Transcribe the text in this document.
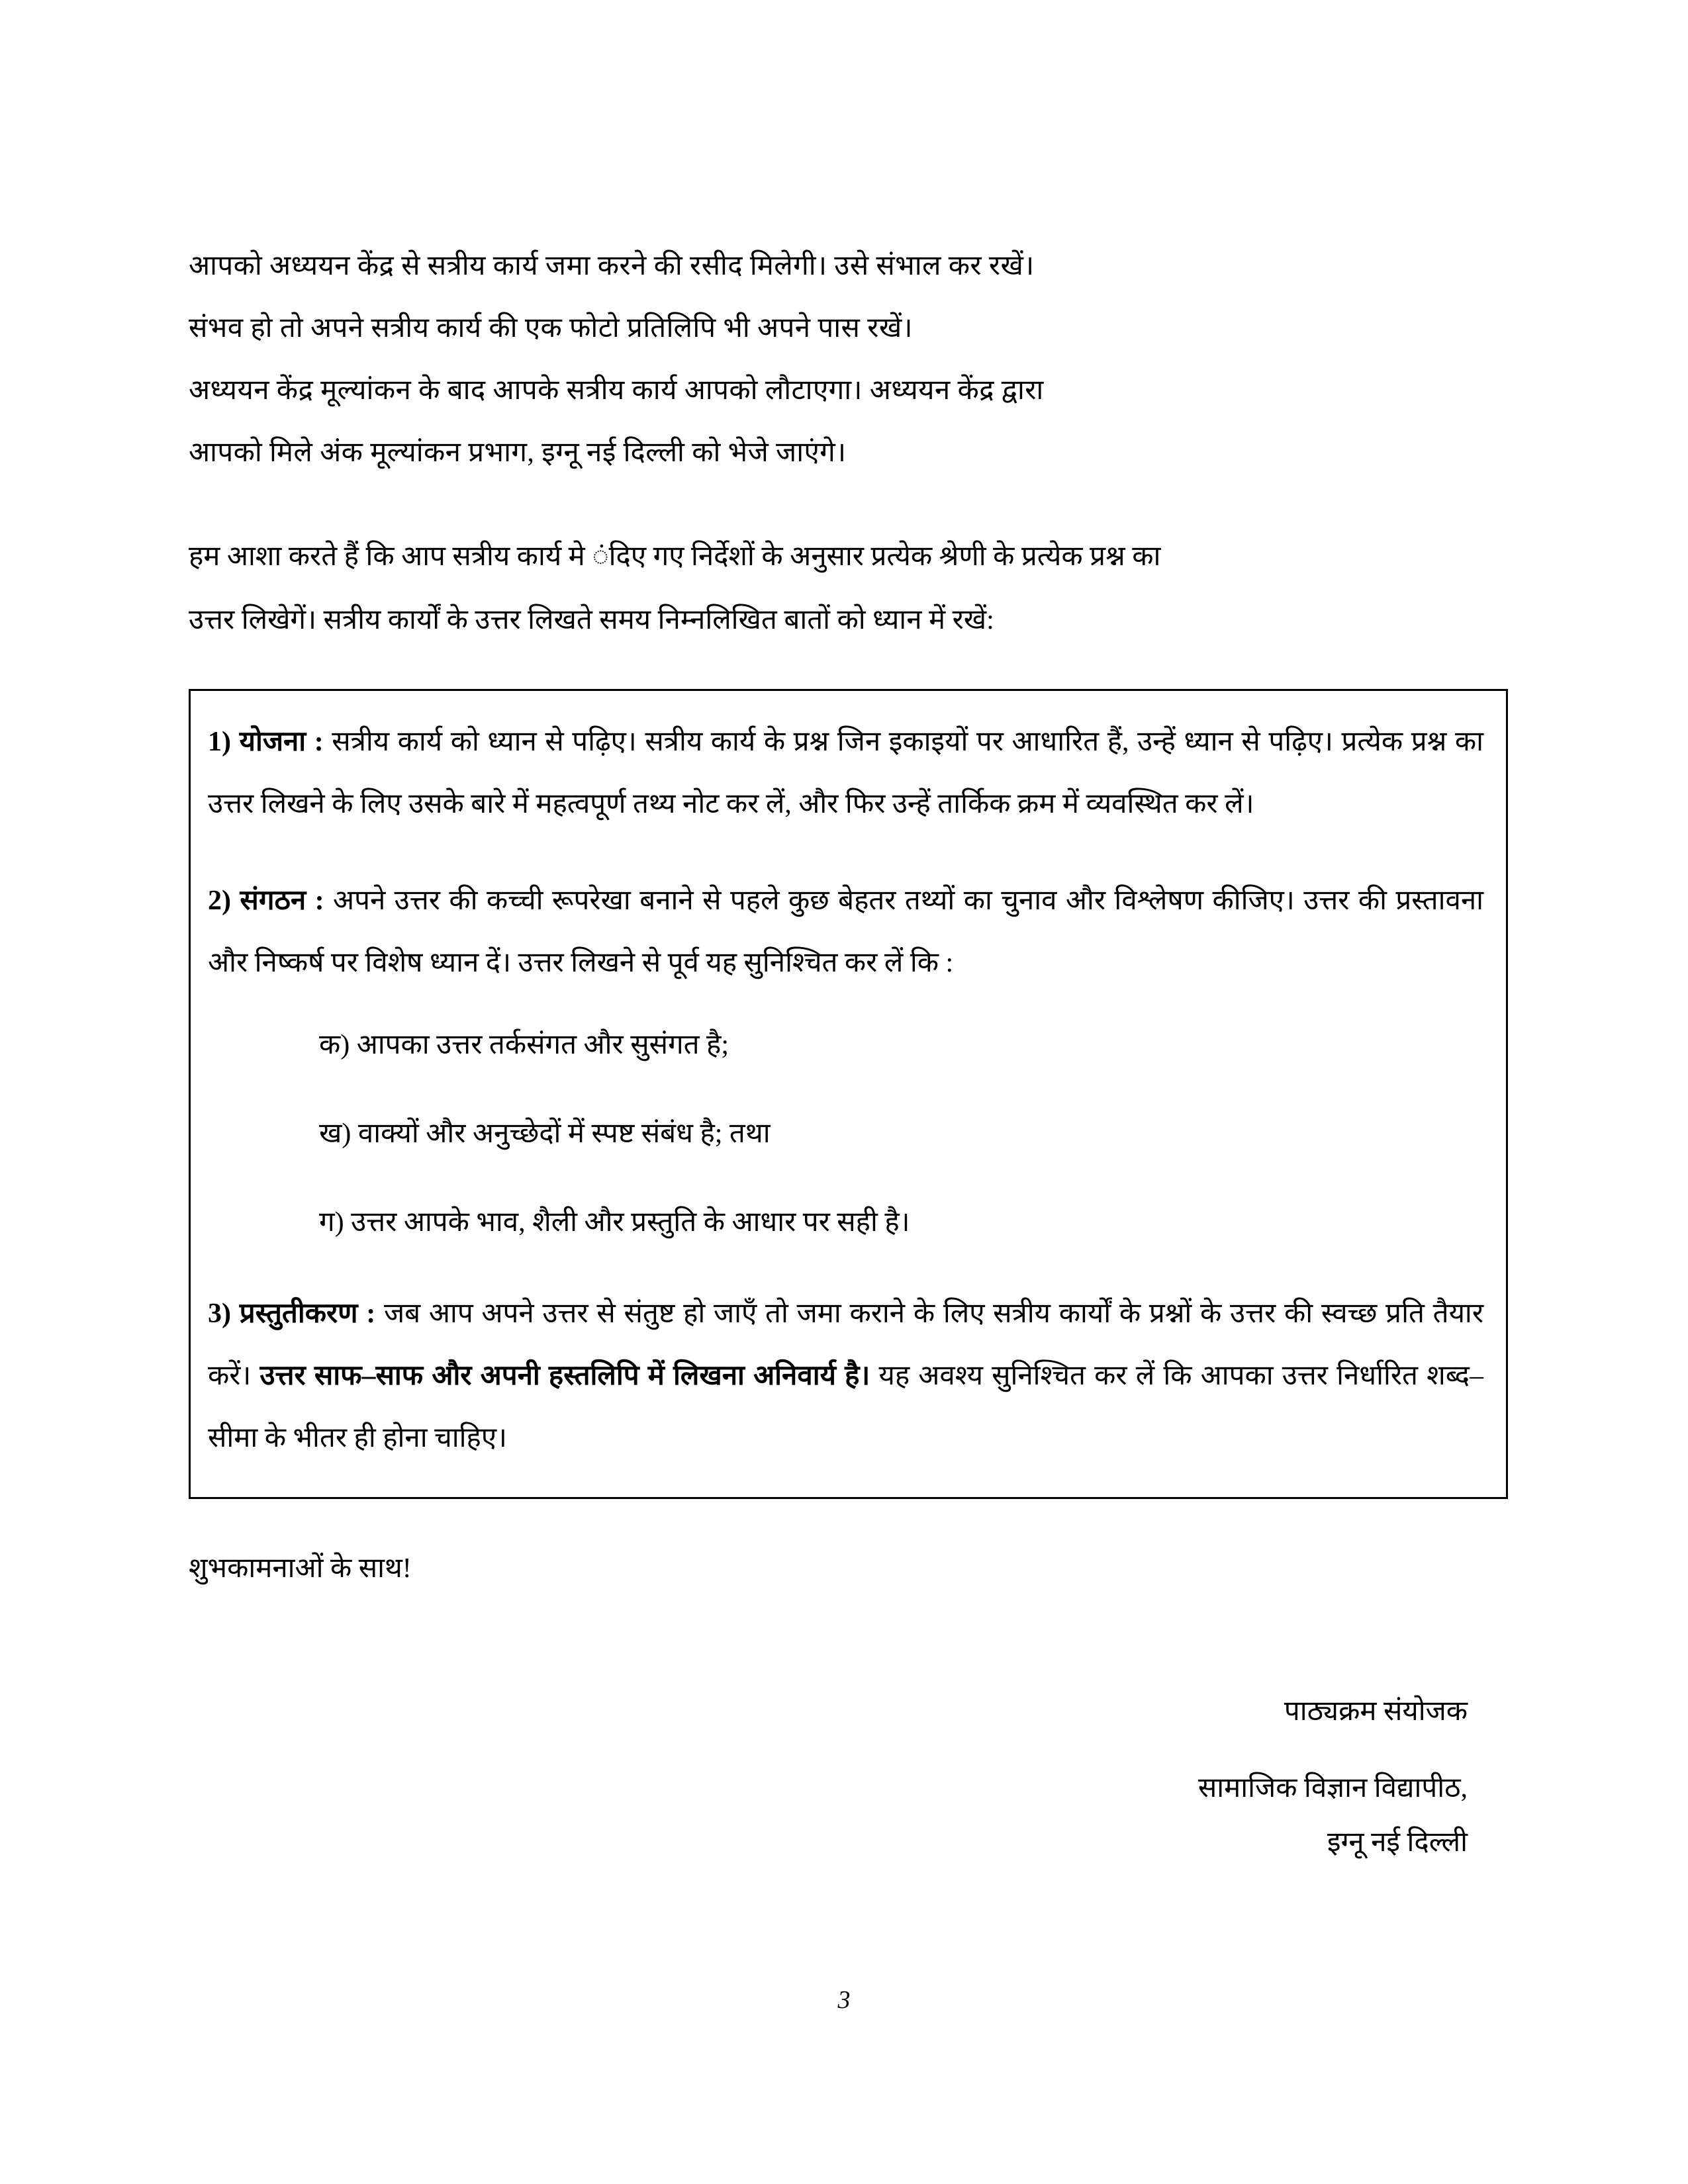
आपको अध्ययन केंद्र से सत्रीय कार्य जमा करने की रसीद मिलेगी। उसे संभाल कर रखें।
संभव हो तो अपने सत्रीय कार्य की एक फोटो प्रतिलिपि भी अपने पास रखें।
अध्ययन केंद्र मूल्यांकन के बाद आपके सत्रीय कार्य आपको लौटाएगा। अध्ययन केंद्र द्वारा
आपको मिले अंक मूल्यांकन प्रभाग, इग्नू नई दिल्ली को भेजे जाएंगे।
हम आशा करते हैं कि आप सत्रीय कार्य मे ंदिए गए निर्देशों के अनुसार प्रत्येक श्रेणी के प्रत्येक प्रश्न का
उत्तर लिखेगें। सत्रीय कार्यों के उत्तर लिखते समय निम्नलिखित बातों को ध्यान में रखें:

1) योजना : सत्रीय कार्य को ध्यान से पढ़िए। सत्रीय कार्य के प्रश्न जिन इकाइयों पर आधारित हैं, उन्हें ध्यान से पढ़िए। प्रत्येक प्रश्न का उत्तर लिखने के लिए उसके बारे में महत्वपूर्ण तथ्य नोट कर लें, और फिर उन्हें तार्किक क्रम में व्यवस्थित कर लें।

2) संगठन : अपने उत्तर की कच्ची रूपरेखा बनाने से पहले कुछ बेहतर तथ्यों का चुनाव और विश्लेषण कीजिए। उत्तर की प्रस्तावना और निष्कर्ष पर विशेष ध्यान दें। उत्तर लिखने से पूर्व यह सुनिश्चित कर लें कि :

क) आपका उत्तर तर्कसंगत और सुसंगत है;
ख) वाक्यों और अनुच्छेदों में स्पष्ट संबंध है; तथा
ग) उत्तर आपके भाव, शैली और प्रस्तुति के आधार पर सही है।

3) प्रस्तुतीकरण : जब आप अपने उत्तर से संतुष्ट हो जाएँ तो जमा कराने के लिए सत्रीय कार्यों के प्रश्नों के उत्तर की स्वच्छ प्रति तैयार करें। उत्तर साफ–साफ और अपनी हस्तलिपि में लिखना अनिवार्य है। यह अवश्य सुनिश्चित कर लें कि आपका उत्तर निर्धारित शब्द–सीमा के भीतर ही होना चाहिए।

शुभकामनाओं के साथ!
पाठ्यक्रम संयोजक
सामाजिक विज्ञान विद्यापीठ,
इग्नू नई दिल्ली
3
